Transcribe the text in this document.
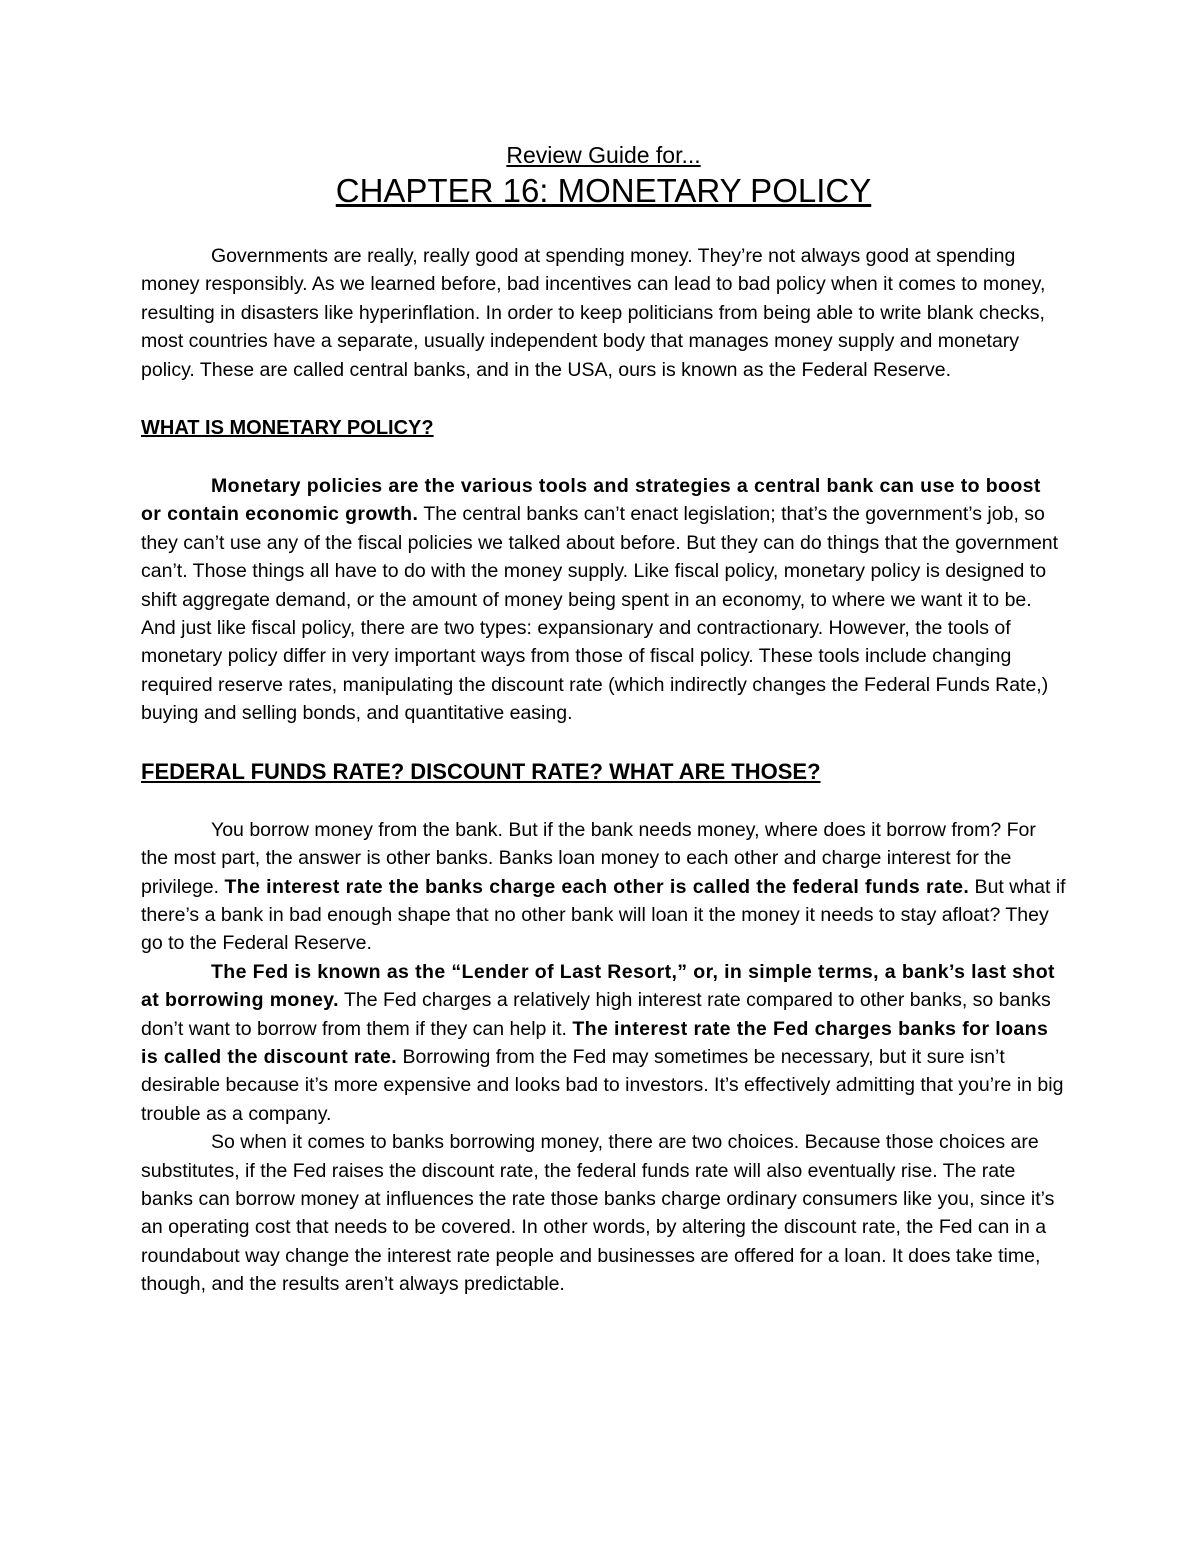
Review Guide for...
CHAPTER 16: MONETARY POLICY

Governments are really, really good at spending money. They’re not always good at spending money responsibly. As we learned before, bad incentives can lead to bad policy when it comes to money, resulting in disasters like hyperinflation. In order to keep politicians from being able to write blank checks, most countries have a separate, usually independent body that manages money supply and monetary policy. These are called central banks, and in the USA, ours is known as the Federal Reserve.

WHAT IS MONETARY POLICY?

Monetary policies are the various tools and strategies a central bank can use to boost or contain economic growth. The central banks can’t enact legislation; that’s the government’s job, so they can’t use any of the fiscal policies we talked about before. But they can do things that the government can’t. Those things all have to do with the money supply. Like fiscal policy, monetary policy is designed to shift aggregate demand, or the amount of money being spent in an economy, to where we want it to be. And just like fiscal policy, there are two types: expansionary and contractionary. However, the tools of monetary policy differ in very important ways from those of fiscal policy. These tools include changing required reserve rates, manipulating the discount rate (which indirectly changes the Federal Funds Rate,) buying and selling bonds, and quantitative easing.

FEDERAL FUNDS RATE? DISCOUNT RATE? WHAT ARE THOSE?

You borrow money from the bank. But if the bank needs money, where does it borrow from? For the most part, the answer is other banks. Banks loan money to each other and charge interest for the privilege. The interest rate the banks charge each other is called the federal funds rate. But what if there’s a bank in bad enough shape that no other bank will loan it the money it needs to stay afloat? They go to the Federal Reserve.

The Fed is known as the “Lender of Last Resort,” or, in simple terms, a bank’s last shot at borrowing money. The Fed charges a relatively high interest rate compared to other banks, so banks don’t want to borrow from them if they can help it. The interest rate the Fed charges banks for loans is called the discount rate. Borrowing from the Fed may sometimes be necessary, but it sure isn’t desirable because it’s more expensive and looks bad to investors. It’s effectively admitting that you’re in big trouble as a company.

So when it comes to banks borrowing money, there are two choices. Because those choices are substitutes, if the Fed raises the discount rate, the federal funds rate will also eventually rise. The rate banks can borrow money at influences the rate those banks charge ordinary consumers like you, since it’s an operating cost that needs to be covered. In other words, by altering the discount rate, the Fed can in a roundabout way change the interest rate people and businesses are offered for a loan. It does take time, though, and the results aren’t always predictable.
